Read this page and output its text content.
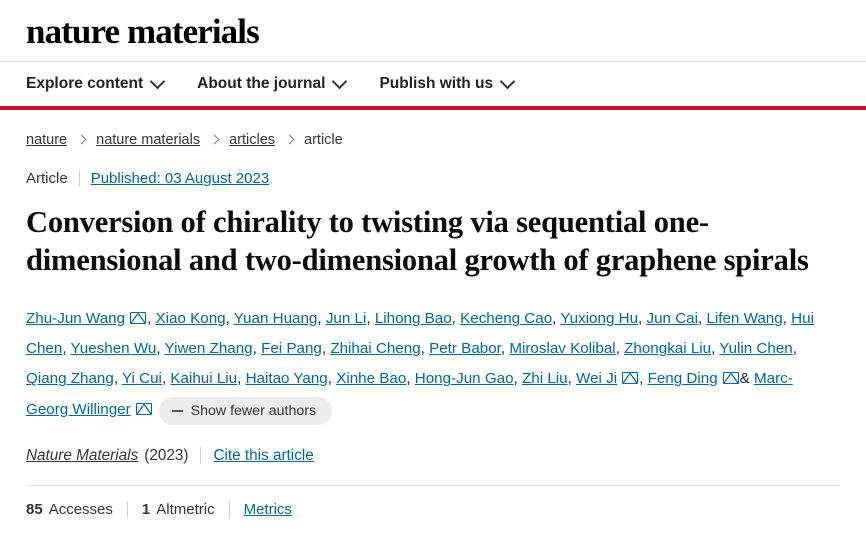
nature materials
Explore content	About the journal	Publish with us
nature nature materials articles article
Article Published: 03 August 2023
Conversion of chirality to twisting via sequential one-dimensional and two-dimensional growth of graphene spirals
Zhu-Jun Wang , Xiao Kong, Yuan Huang, Jun Li, Lihong Bao, Kecheng Cao, Yuxiong Hu, Jun Cai, Lifen Wang, Hui Chen, Yueshen Wu, Yiwen Zhang, Fei Pang, Zhihai Cheng, Petr Babor, Miroslav Kolibal, Zhongkai Liu, Yulin Chen, Qiang Zhang, Yi Cui, Kaihui Liu, Haitao Yang, Xinhe Bao, Hong-Jun Gao, Zhi Liu, Wei Ji , Feng Ding & Marc-Georg Willinger	Show fewer authors
Nature Materials (2023) Cite this article
85 Accesses 1 Altmetric Metrics
